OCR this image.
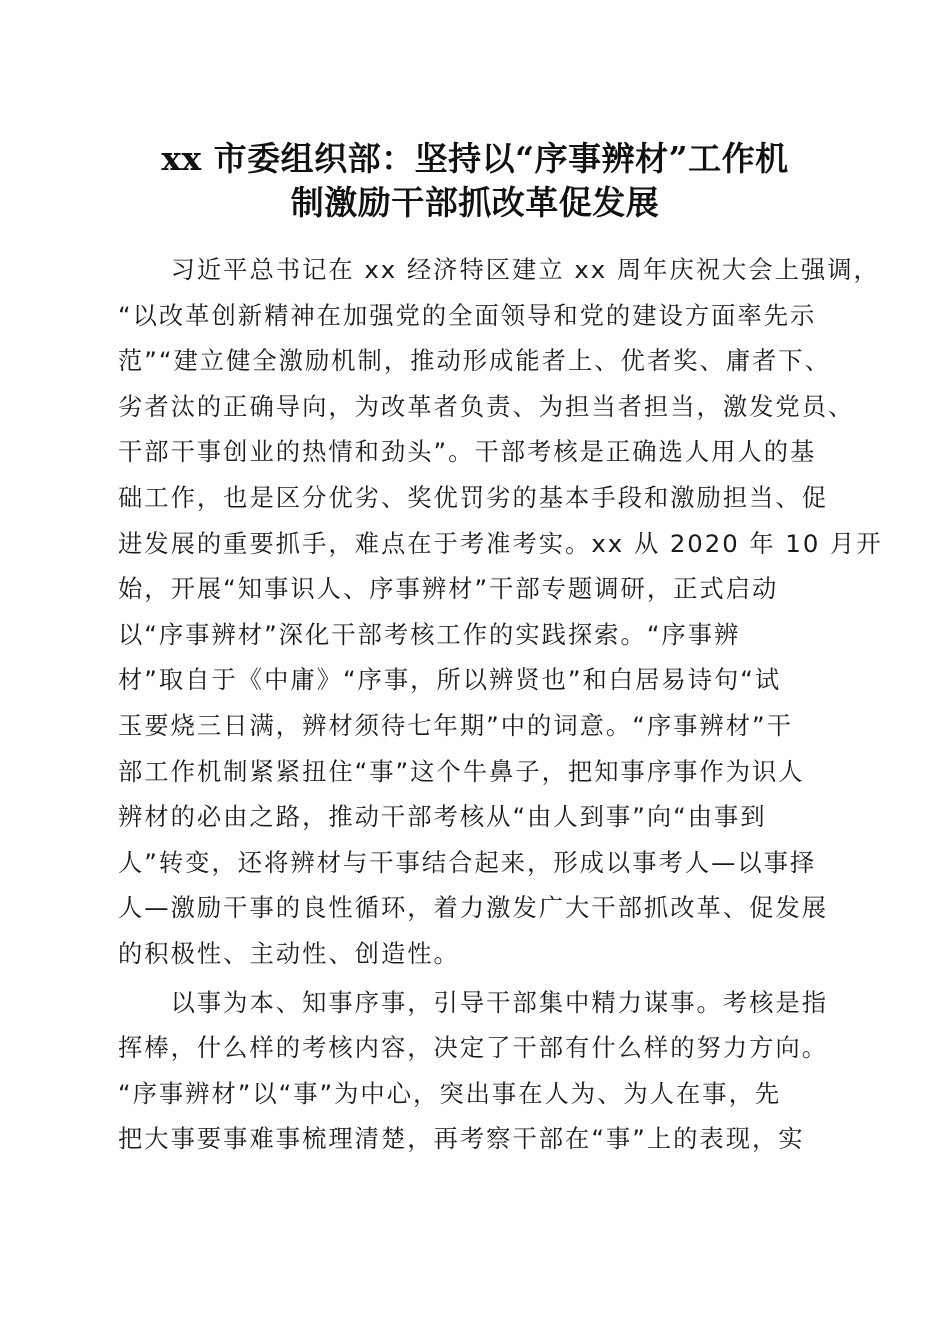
xx 市委组织部：坚持以“序事辨材”工作机
制激励干部抓改革促发展
　　习近平总书记在 xx 经济特区建立 xx 周年庆祝大会上强调，
“以改革创新精神在加强党的全面领导和党的建设方面率先示
范”“建立健全激励机制，推动形成能者上、优者奖、庸者下、
劣者汰的正确导向，为改革者负责、为担当者担当，激发党员、
干部干事创业的热情和劲头”。干部考核是正确选人用人的基
础工作，也是区分优劣、奖优罚劣的基本手段和激励担当、促
进发展的重要抓手，难点在于考准考实。xx 从 2020 年 10 月开
始，开展“知事识人、序事辨材”干部专题调研，正式启动
以“序事辨材”深化干部考核工作的实践探索。“序事辨
材”取自于《中庸》“序事，所以辨贤也”和白居易诗句“试
玉要烧三日满，辨材须待七年期”中的词意。“序事辨材”干
部工作机制紧紧扭住“事”这个牛鼻子，把知事序事作为识人
辨材的必由之路，推动干部考核从“由人到事”向“由事到
人”转变，还将辨材与干事结合起来，形成以事考人—以事择
人—激励干事的良性循环，着力激发广大干部抓改革、促发展
的积极性、主动性、创造性。
　　以事为本、知事序事，引导干部集中精力谋事。考核是指
挥棒，什么样的考核内容，决定了干部有什么样的努力方向。
“序事辨材”以“事”为中心，突出事在人为、为人在事，先
把大事要事难事梳理清楚，再考察干部在“事”上的表现，实
